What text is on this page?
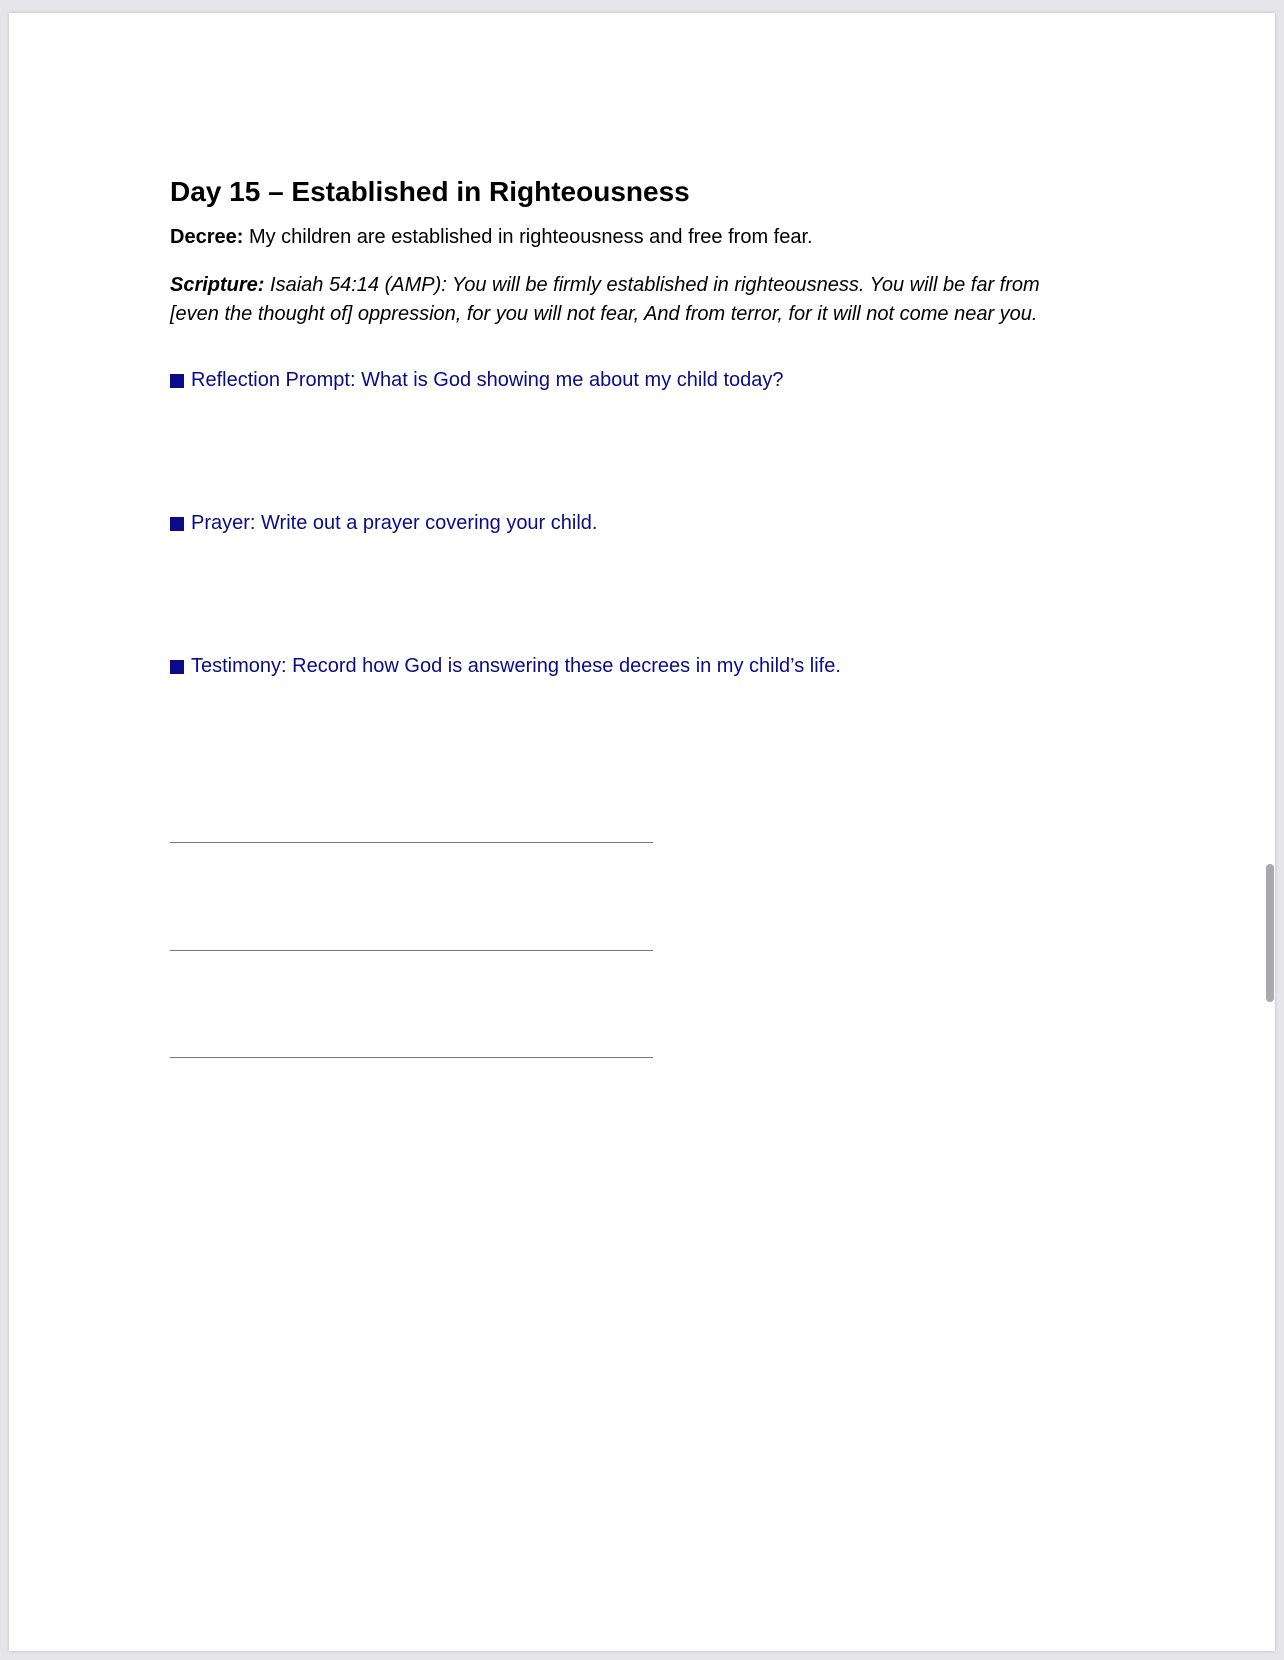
Day 15 – Established in Righteousness
Decree: My children are established in righteousness and free from fear.
Scripture: Isaiah 54:14 (AMP): You will be firmly established in righteousness. You will be far from [even the thought of] oppression, for you will not fear, And from terror, for it will not come near you.
Reflection Prompt: What is God showing me about my child today?
Prayer: Write out a prayer covering your child.
Testimony: Record how God is answering these decrees in my child’s life.
